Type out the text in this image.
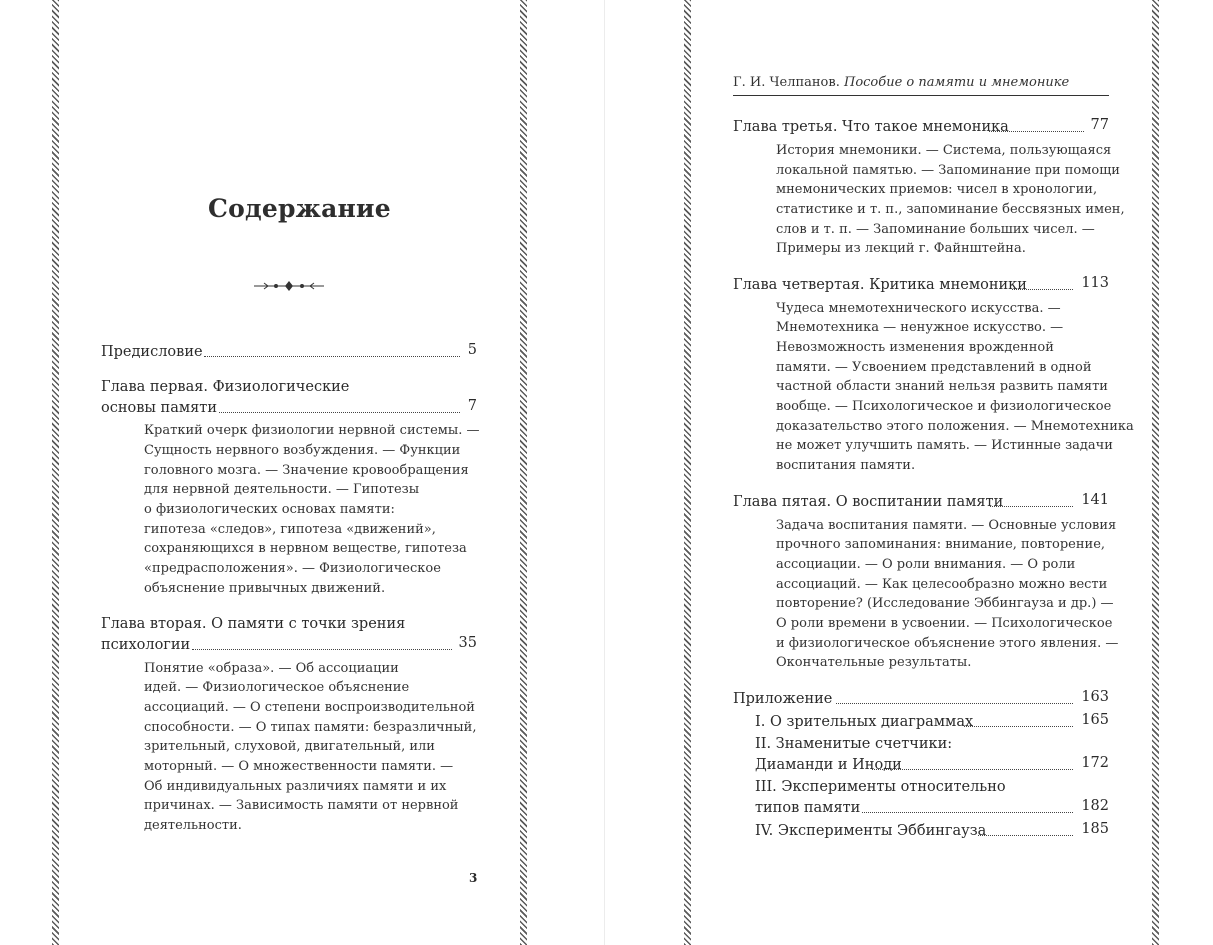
Содержание
Предисловие	5
Глава первая. Физиологические
основы памяти	7
Краткий очерк физиологии нервной системы. —
Сущность нервного возбуждения. — Функции
головного мозга. — Значение кровообращения
для нервной деятельности. — Гипотезы
о физиологических основах памяти:
гипотеза «следов», гипотеза «движений»,
сохраняющихся в нервном веществе, гипотеза
«предрасположения». — Физиологическое
объяснение привычных движений.
Глава вторая. О памяти с точки зрения
психологии	35
Понятие «образа». — Об ассоциации
идей. — Физиологическое объяснение
ассоциаций. — О степени воспроизводительной
способности. — О типах памяти: безразличный,
зрительный, слуховой, двигательный, или
моторный. — О множественности памяти. —
Об индивидуальных различиях памяти и их
причинах. — Зависимость памяти от нервной
деятельности.
3
Г. И. Челпанов. Пособие о памяти и мнемонике
Глава третья. Что такое мнемоника	77
История мнемоники. — Система, пользующаяся
локальной памятью. — Запоминание при помощи
мнемонических приемов: чисел в хронологии,
статистике и т. п., запоминание бессвязных имен,
слов и т. п. — Запоминание больших чисел. —
Примеры из лекций г. Файнштейна.
Глава четвертая. Критика мнемоники	113
Чудеса мнемотехнического искусства. —
Мнемотехника — ненужное искусство. —
Невозможность изменения врожденной
памяти. — Усвоением представлений в одной
частной области знаний нельзя развить памяти
вообще. — Психологическое и физиологическое
доказательство этого положения. — Мнемотехника
не может улучшить память. — Истинные задачи
воспитания памяти.
Глава пятая. О воспитании памяти	141
Задача воспитания памяти. — Основные условия
прочного запоминания: внимание, повторение,
ассоциации. — О роли внимания. — О роли
ассоциаций. — Как целесообразно можно вести
повторение? (Исследование Эббингауза и др.) —
О роли времени в усвоении. — Психологическое
и физиологическое объяснение этого явления. —
Окончательные результаты.
Приложение	163
I. О зрительных диаграммах	165
II. Знаменитые счетчики:
Диаманди и Иноди	172
III. Эксперименты относительно
типов памяти	182
IV. Эксперименты Эббингауза	185
